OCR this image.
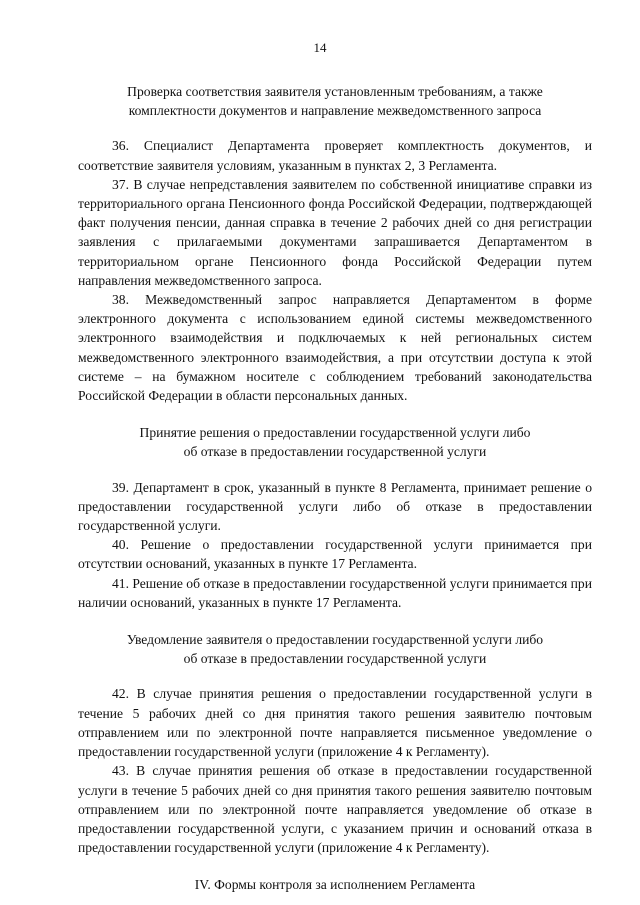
14
Проверка соответствия заявителя установленным требованиям, а также
комплектности документов и направление межведомственного запроса

36. Специалист Департамента проверяет комплектность документов, и соответствие заявителя условиям, указанным в пунктах 2, 3 Регламента.

37. В случае непредставления заявителем по собственной инициативе справки из территориального органа Пенсионного фонда Российской Федерации, подтверждающей факт получения пенсии, данная справка в течение 2 рабочих дней со дня регистрации заявления с прилагаемыми документами запрашивается Департаментом в территориальном органе Пенсионного фонда Российской Федерации путем направления межведомственного запроса.

38. Межведомственный запрос направляется Департаментом в форме электронного документа с использованием единой системы межведомственного электронного взаимодействия и подключаемых к ней региональных систем межведомственного электронного взаимодействия, а при отсутствии доступа к этой системе – на бумажном носителе с соблюдением требований законодательства Российской Федерации в области персональных данных.

Принятие решения о предоставлении государственной услуги либо
об отказе в предоставлении государственной услуги

39. Департамент в срок, указанный в пункте 8 Регламента, принимает решение о предоставлении государственной услуги либо об отказе в предоставлении государственной услуги.

40. Решение о предоставлении государственной услуги принимается при отсутствии оснований, указанных в пункте 17 Регламента.

41. Решение об отказе в предоставлении государственной услуги принимается при наличии оснований, указанных в пункте 17 Регламента.

Уведомление заявителя о предоставлении государственной услуги либо
об отказе в предоставлении государственной услуги

42. В случае принятия решения о предоставлении государственной услуги в течение 5 рабочих дней со дня принятия такого решения заявителю почтовым отправлением или по электронной почте направляется письменное уведомление о предоставлении государственной услуги (приложение 4 к Регламенту).

43. В случае принятия решения об отказе в предоставлении государственной услуги в течение 5 рабочих дней со дня принятия такого решения заявителю почтовым отправлением или по электронной почте направляется уведомление об отказе в предоставлении государственной услуги, с указанием причин и оснований отказа в предоставлении государственной услуги (приложение 4 к Регламенту).

IV. Формы контроля за исполнением Регламента
